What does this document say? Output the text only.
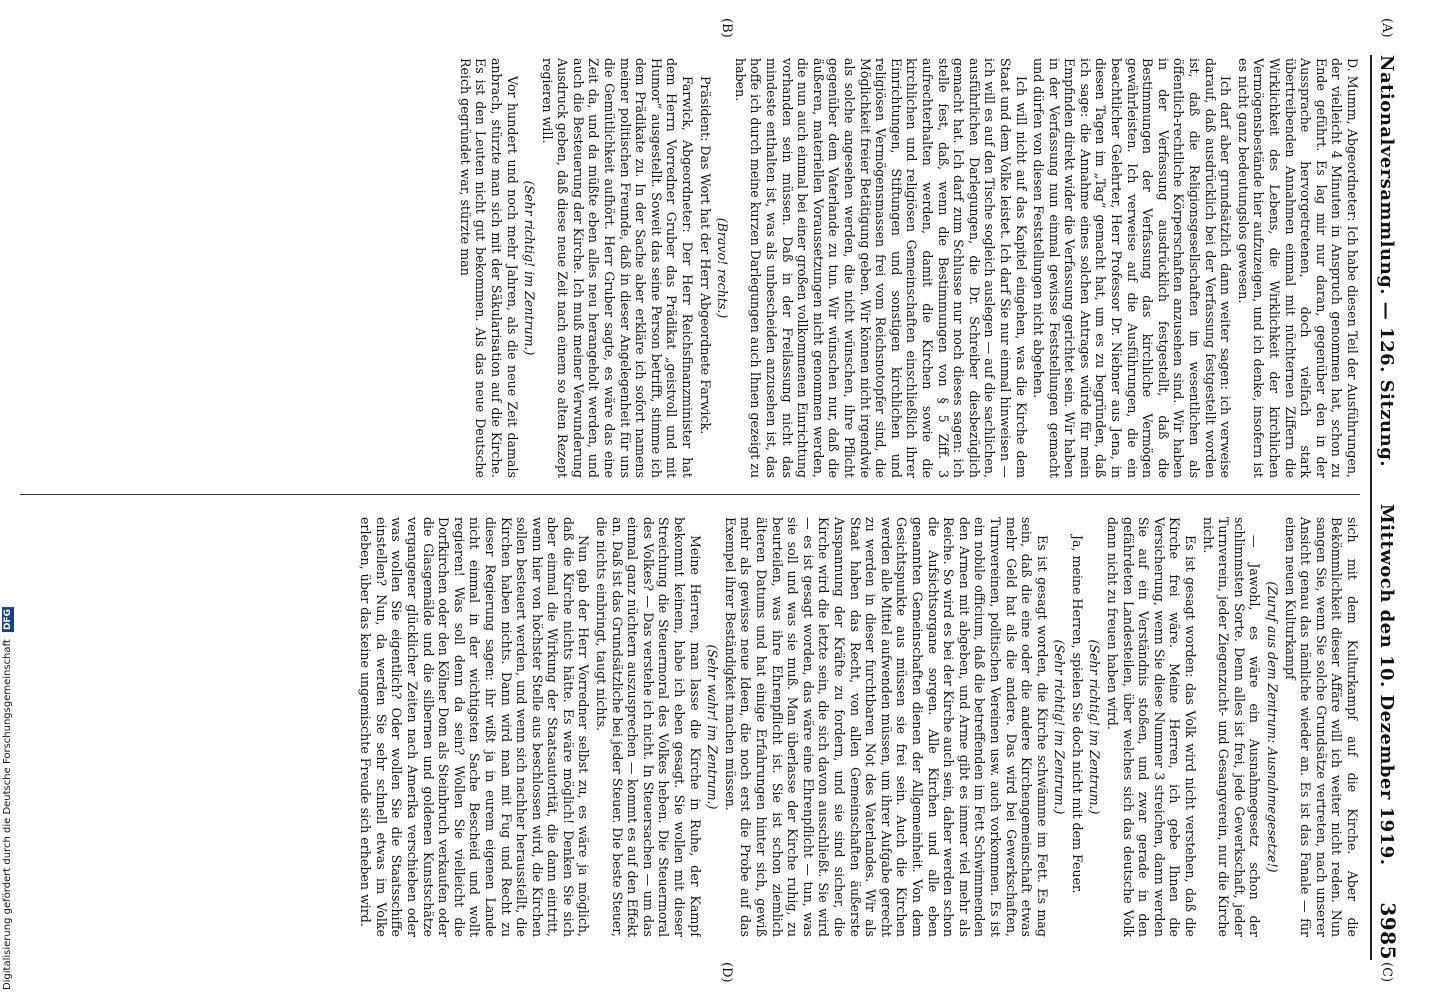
Nationalversammlung. — 126. Sitzung.
Mittwoch den 10. Dezember 1919.
3985
(A)
(B)
(C)
(D)

D. Mumm, Abgeordneter: Ich habe diesen Teil der Ausführungen, der vielleicht 4 Minuten in Anspruch genommen hat, schon zu Ende geführt. Es lag mir nur daran, gegenüber den in der Aussprache hervorgetretenen, doch vielfach stark übertreibenden Annahmen einmal mit nüchternen Ziffern die Wirklichkeit des Lebens, die Wirklichkeit der kirchlichen Vermögensbestände hier aufzuzeigen, und ich denke, insofern ist es nicht ganz bedeutungslos gewesen.

Ich darf aber grundsätzlich dann weiter sagen: ich verweise darauf, daß ausdrücklich bei der Verfassung festgestellt worden ist, daß die Religionsgesellschaften im wesentlichen als öffentlich-rechtliche Körperschaften anzusehen sind. Wir haben in der Verfassung ausdrücklich festgestellt, daß die Bestimmungen der Verfassung das kirchliche Vermögen gewährleisten. Ich verweise auf die Ausführungen, die ein beachtlicher Gelehrter, Herr Professor Dr. Niebner aus Jena, in diesen Tagen im „Tag“ gemacht hat, um es zu begründen, daß ich sage: die Annahme eines solchen Antrages würde für mein Empfinden direkt wider die Verfassung gerichtet sein. Wir haben in der Verfassung nun einmal gewisse Feststellungen gemacht und dürfen von diesen Feststellungen nicht abgehen.

Ich will nicht auf das Kapitel eingehen, was die Kirche dem Staat und dem Volke leistet. Ich darf Sie nur einmal hinweisen — ich will es auf den Tische sogleich auslegen — auf die sachlichen, ausführlichen Darlegungen, die Dr. Schreiber diesbezüglich gemacht hat. Ich darf zum Schlusse nur noch dieses sagen: ich stelle fest, daß, wenn die Bestimmungen von § 5 Ziff. 3 aufrechterhalten werden, damit die Kirchen sowie die kirchlichen und religiösen Gemeinschaften einschließlich ihrer Einrichtungen, Stiftungen und sonstigen kirchlichen und religiösen Vermögensmassen frei vom Reichsnotopfer sind, die Möglichkeit freier Betätigung geben. Wir können nicht irgendwie als solche angesehen werden, die nicht wünschen, ihre Pflicht gegenüber dem Vaterlande zu tun. Wir wünschen nur, daß die äußeren, materiellen Voraussetzungen nicht genommen werden, die nun auch einmal bei einer großen vollkommenen Einrichtung vorhanden sein müssen. Daß in der Freilassung nicht das mindeste enthalten ist, was als unbescheiden anzusehen ist, das hoffe ich durch meine kurzen Darlegungen auch Ihnen gezeigt zu haben.

(Bravo! rechts.)

Präsident: Das Wort hat der Herr Abgeordnete Farwick.

Farwick, Abgeordneter: Der Herr Reichsfinanzminister hat dem Herrn Vorredner Gruber das Prädikat „geistvoll und mit Humor“ ausgestellt. Soweit das seine Person betrifft, stimme ich dem Prädikate zu. In der Sache aber erkläre ich sofort namens meiner politischen Freunde, daß in dieser Angelegenheit für uns die Gemütlichkeit aufhört. Herr Gruber sagte, es wäre das eine Zeit da, und da müßte eben alles neu herangeholt werden, und auch die Besteuerung der Kirche. Ich muß meiner Verwunderung Ausdruck geben, daß diese neue Zeit nach einem so alten Rezept regieren will.

(Sehr richtig! im Zentrum.)

Vor hundert und noch mehr Jahren, als die neue Zeit damals anbrach, stürzte man sich mit der Säkularisation auf die Kirche. Es ist den Leuten nicht gut bekommen. Als das neue Deutsche Reich gegründet war, stürzte man

sich mit dem Kulturkampf auf die Kirche. Aber die Bekömmlichkeit dieser Affäre will ich weiter nicht reden. Nun sangen Sie, wenn Sie solche Grundsätze vertreten, nach unserer Ansicht genau das nämliche wieder an. Es ist das Fanale — für einen neuen Kulturkampf

(Zuruf aus dem Zentrum: Ausnahmegesetze!)

— Jawohl, es wäre ein Ausnahmegesetz schon der schlimmsten Sorte. Denn alles ist frei, jede Gewerkschaft, jeder Turnverein, jeder Ziegenzucht- und Gesangverein, nur die Kirche nicht.

Es ist gesagt worden: das Volk wird nicht verstehen, daß die Kirche frei wäre. Meine Herren, ich gebe Ihnen die Versicherung, wenn Sie diese Nummer 3 streichen, dann werden Sie auf ein Verständnis stoßen, und zwar gerade in den gefährdeten Landesteilen, über welches sich das deutsche Volk dann nicht zu freuen haben wird.

(Sehr richtig! im Zentrum.)

Ja, meine Herren, spielen Sie doch nicht mit dem Feuer.

(Sehr richtig! im Zentrum.)

Es ist gesagt worden, die Kirche schwämme im Fett. Es mag sein, daß die eine oder die andere Kirchengemeinschaft etwas mehr Geld hat als die andere. Das wird bei Gewerkschaften, Turnvereinen, politischen Vereinen usw. auch vorkommen. Es ist ein nobile officium, daß die betreffenden im Fett Schwimmenden den Armen mit abgeben, und Arme gibt es immer viel mehr als Reiche. So wird es bei der Kirche auch sein, daher werden schon die Aufsichtsorgane sorgen. Alle Kirchen und alle eben genannten Gemeinschaften dienen der Allgemeinheit. Von dem Gesichtspunkte aus müssen sie frei sein. Auch die Kirchen werden alle Mittel aufwenden müssen, um ihrer Aufgabe gerecht zu werden in dieser furchtbaren Not des Vaterlandes. Wir als Staat haben das Recht, von allen Gemeinschaften äußerste Anspannung der Kräfte zu fordern, und sie sind sicher, die Kirche wird die letzte sein, die sich davon ausschließt. Sie wird — es ist gesagt worden, das wäre eine Ehrenpflicht — tun, was sie soll und was sie muß. Man überlasse der Kirche ruhig, zu beurteilen, was ihre Ehrenpflicht ist. Sie ist schon ziemlich älteren Datums und hat einige Erfahrungen hinter sich, gewiß mehr als gewisse neue Ideen, die noch erst die Probe auf das Exempel ihrer Beständigkeit machen müssen.

(Sehr wahr! im Zentrum.)

Meine Herren, man lasse die Kirche in Ruhe, der Kampf bekommt keinem, habe ich eben gesagt. Sie wollen mit dieser Streichung die Steuermoral des Volkes heben. Die Steuermoral des Volkes? — Das verstehe ich nicht. In Steuersachen — um das einmal ganz nüchtern auszusprechen — kommt es auf den Effekt an. Daß ist das Grundsätzliche bei jeder Steuer. Die beste Steuer, die nichts einbringt, taugt nichts.

Nun gab der Herr Vorredner selbst zu, es wäre ja möglich, daß die Kirche nichts hätte. Es wäre möglich! Denken Sie sich aber einmal die Wirkung der Staatsautorität, die dann eintritt, wenn hier von höchster Stelle aus beschlossen wird, die Kirchen sollen besteuert werden, und wenn sich nachher herausstellt, die Kirchen haben nichts. Dann wird man mit Fug und Recht zu dieser Regierung sagen: ihr wißt ja in eurem eigenen Lande nicht einmal in der wichtigsten Sache Bescheid und wollt regieren! Was soll denn da sein? Wollen Sie vielleicht die Dorfkirchen oder den Kölner Dom als Steinbruch verkaufen oder die Glasgemälde und die silbernen und goldenen Kunstschätze vergangener glücklicher Zeiten nach Amerika verschieben oder was wollen Sie eigentlich? Oder wollen Sie die Staatsschiffe einstellen? Nun, da werden Sie sehr schnell etwas im Volke erleben, über das keine ungemischte Freude sich erheben wird.

Digitalisierung gefördert durch die Deutsche Forschungsgemeinschaft DFG
